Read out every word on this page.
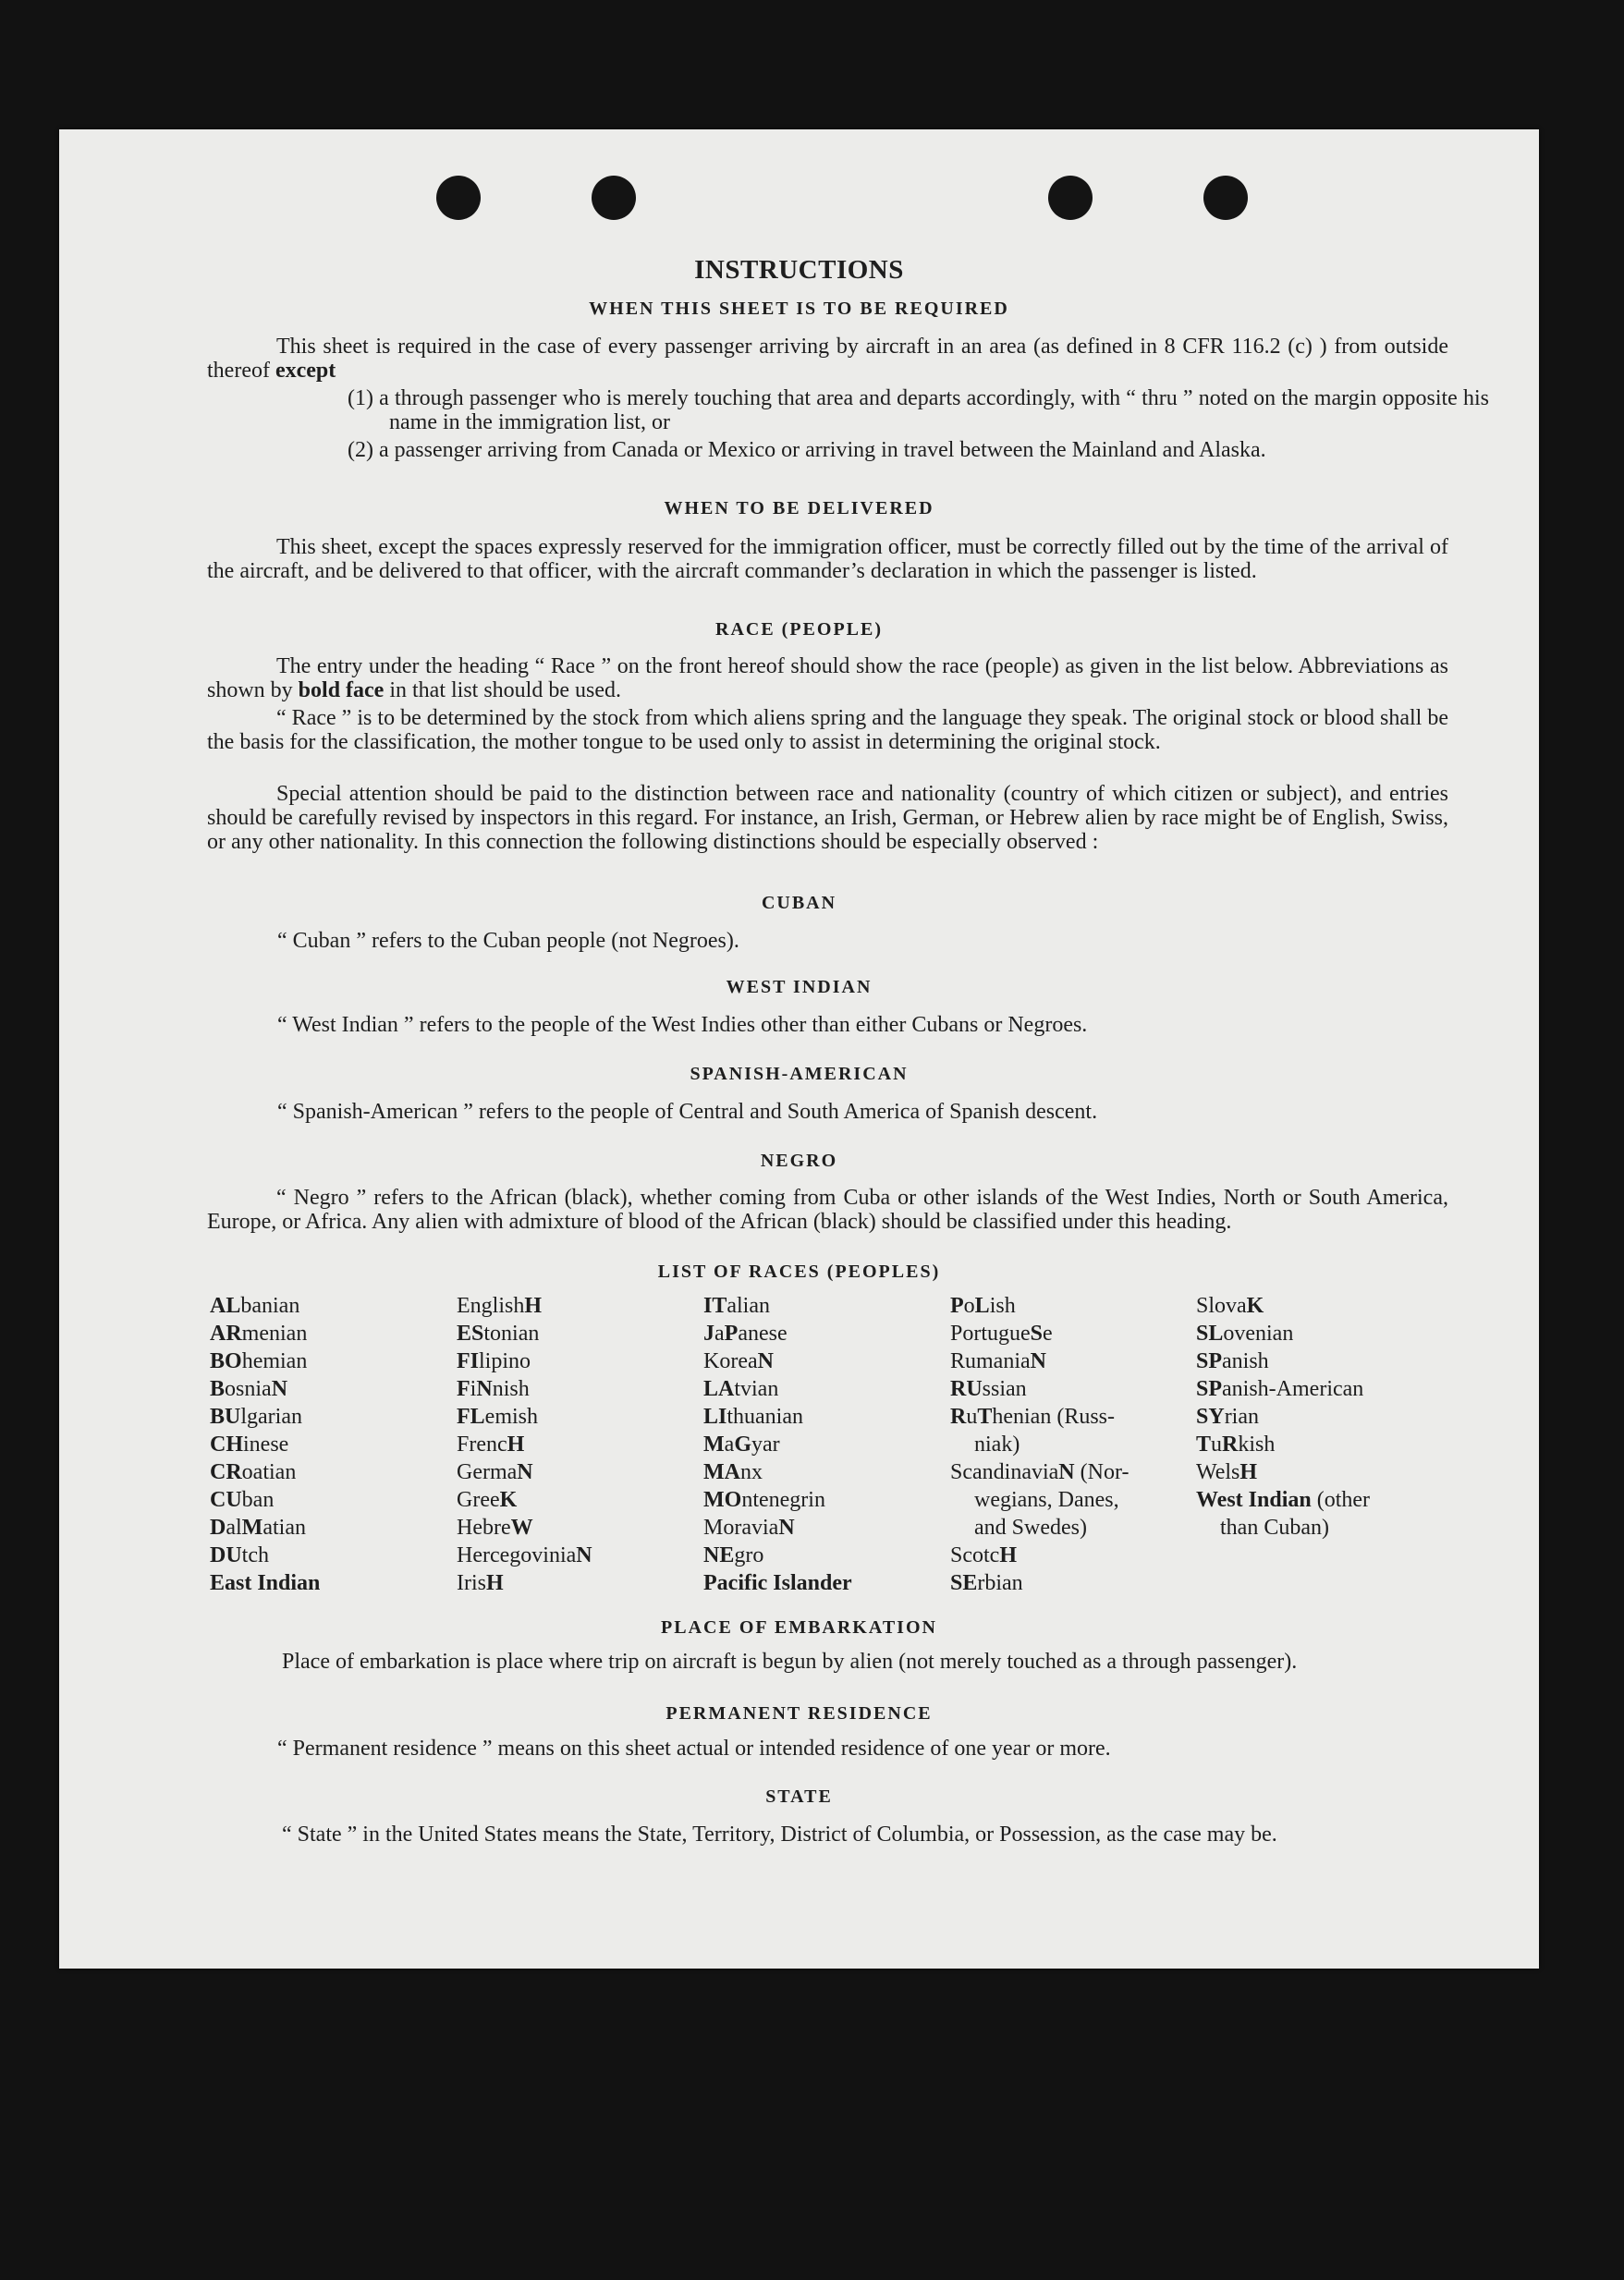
INSTRUCTIONS
WHEN THIS SHEET IS TO BE REQUIRED

This sheet is required in the case of every passenger arriving by aircraft in an area (as defined in 8 CFR 116.2 (c) ) from outside thereof except

(1) a through passenger who is merely touching that area and departs accordingly, with “ thru ” noted on the margin opposite his name in the immigration list, or

(2) a passenger arriving from Canada or Mexico or arriving in travel between the Mainland and Alaska.

WHEN TO BE DELIVERED

This sheet, except the spaces expressly reserved for the immigration officer, must be correctly filled out by the time of the arrival of the aircraft, and be delivered to that officer, with the aircraft commander’s declaration in which the passenger is listed.

RACE (PEOPLE)

The entry under the heading “ Race ” on the front hereof should show the race (people) as given in the list below. Abbreviations as shown by bold face in that list should be used.

“ Race ” is to be determined by the stock from which aliens spring and the language they speak. The original stock or blood shall be the basis for the classification, the mother tongue to be used only to assist in determining the original stock.

Special attention should be paid to the distinction between race and nationality (country of which citizen or subject), and entries should be carefully revised by inspectors in this regard. For instance, an Irish, German, or Hebrew alien by race might be of English, Swiss, or any other nationality. In this connection the following distinctions should be especially observed :

CUBAN

“ Cuban ” refers to the Cuban people (not Negroes).

WEST INDIAN

“ West Indian ” refers to the people of the West Indies other than either Cubans or Negroes.

SPANISH-AMERICAN

“ Spanish-American ” refers to the people of Central and South America of Spanish descent.

NEGRO

“ Negro ” refers to the African (black), whether coming from Cuba or other islands of the West Indies, North or South America, Europe, or Africa. Any alien with admixture of blood of the African (black) should be classified under this heading.

LIST OF RACES (PEOPLES)
ALbanian
ARmenian
BOhemian
BosniaN
BUlgarian
CHinese
CRoatian
CUban
DalMatian
DUtch
East Indian
EnglishH
EStonian
FIlipino
FiNnish
FLemish
FrencH
GermaN
GreeK
HebreW
HercegoviniaN
IrisH
ITalian
JaPanese
KoreaN
LAtvian
LIthuanian
MaGyar
MAnx
MOntenegrin
MoraviaN
NEgro
Pacific Islander
PoLish
PortugueSe
RumaniaN
RUssian
RuThenian (Russ-
niak)
ScandinaviaN (Nor-
wegians, Danes,
and Swedes)
ScotcH
SErbian
SlovaK
SLovenian
SPanish
SPanish-American
SYrian
TuRkish
WelsH
West Indian (other
than Cuban)
PLACE OF EMBARKATION

Place of embarkation is place where trip on aircraft is begun by alien (not merely touched as a through passenger).

PERMANENT RESIDENCE

“ Permanent residence ” means on this sheet actual or intended residence of one year or more.

STATE

“ State ” in the United States means the State, Territory, District of Columbia, or Possession, as the case may be.
